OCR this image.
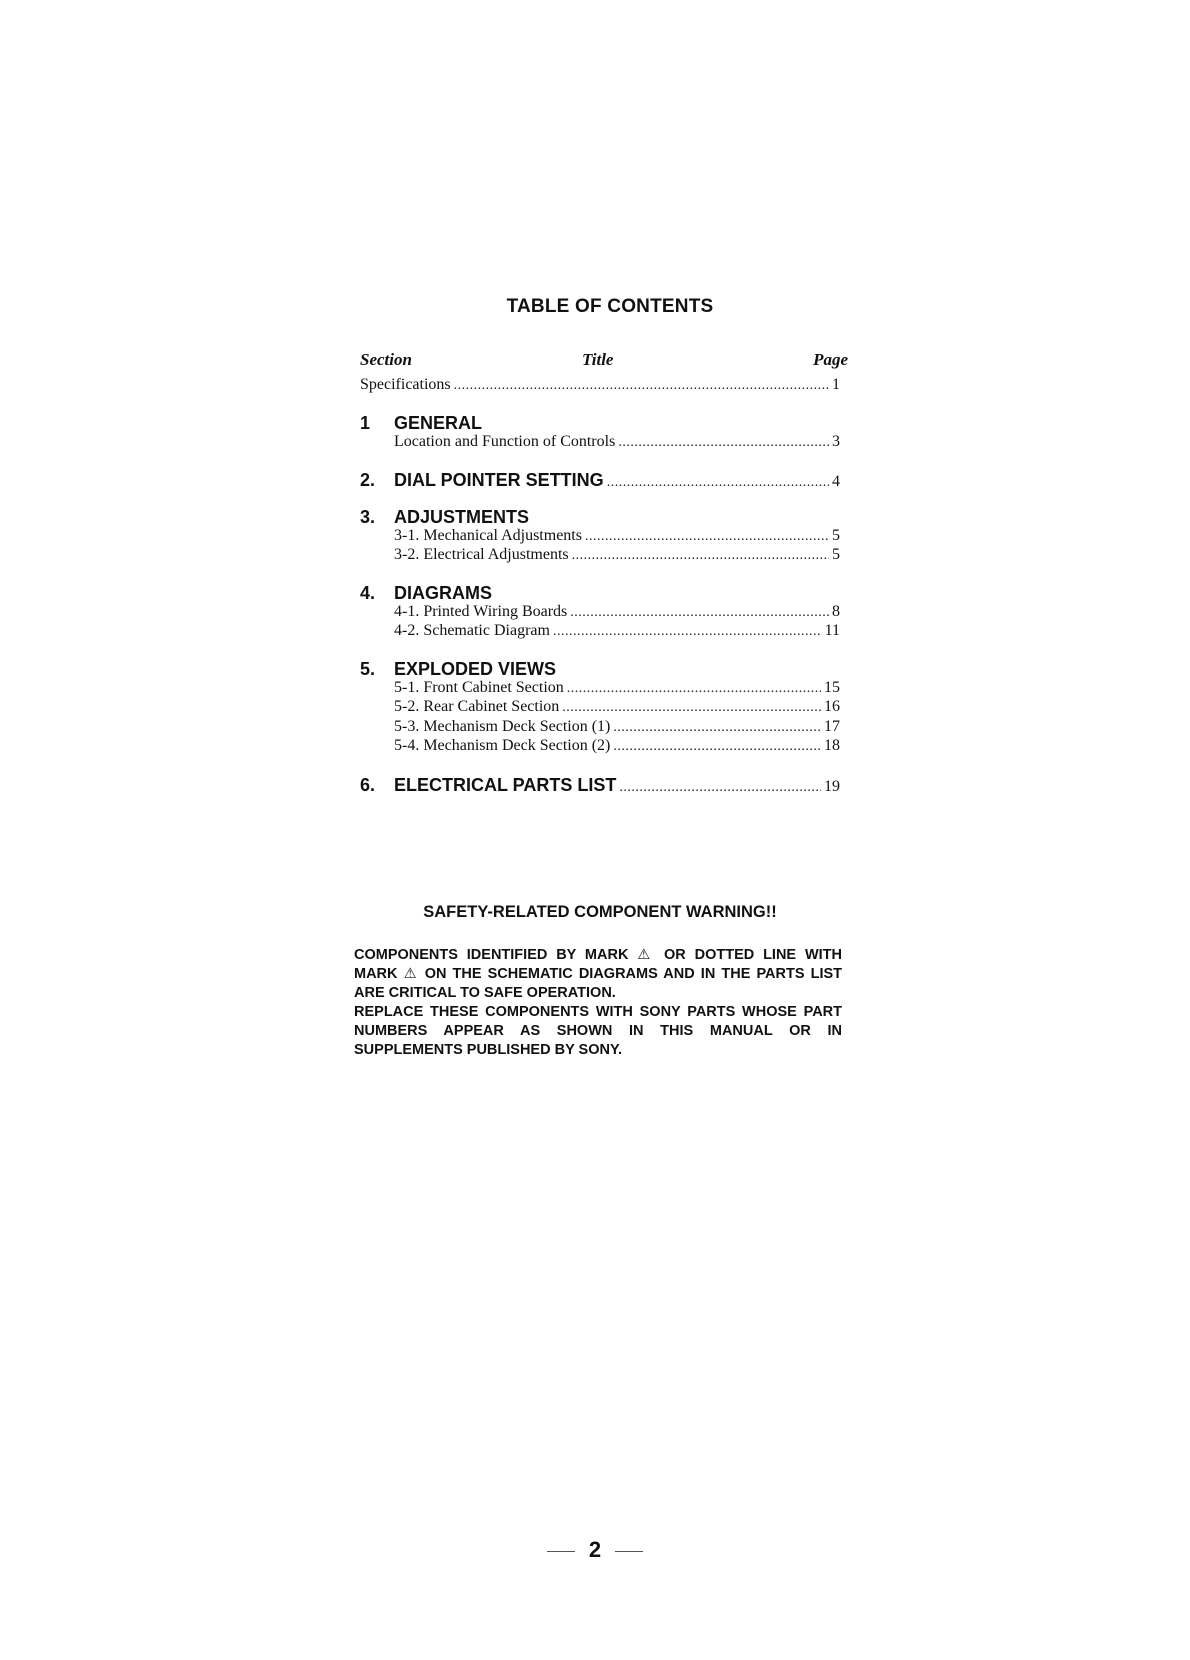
TABLE OF CONTENTS
Section	Title	Page
Specifications .....	1
1 GENERAL
Location and Function of Controls .....	3
2. DIAL POINTER SETTING .....	4
3. ADJUSTMENTS
3-1. Mechanical Adjustments .....	5
3-2. Electrical Adjustments .....	5
4. DIAGRAMS
4-1. Printed Wiring Boards .....	8
4-2. Schematic Diagram .....	11
5. EXPLODED VIEWS
5-1. Front Cabinet Section .....	15
5-2. Rear Cabinet Section .....	16
5-3. Mechanism Deck Section (1) .....	17
5-4. Mechanism Deck Section (2) .....	18
6. ELECTRICAL PARTS LIST .....	19
SAFETY-RELATED COMPONENT WARNING!!

COMPONENTS IDENTIFIED BY MARK ⚠ OR DOTTED LINE WITH MARK ⚠ ON THE SCHEMATIC DIAGRAMS AND IN THE PARTS LIST ARE CRITICAL TO SAFE OPERATION.

REPLACE THESE COMPONENTS WITH SONY PARTS WHOSE PART NUMBERS APPEAR AS SHOWN IN THIS MANUAL OR IN SUPPLEMENTS PUBLISHED BY SONY.

2
